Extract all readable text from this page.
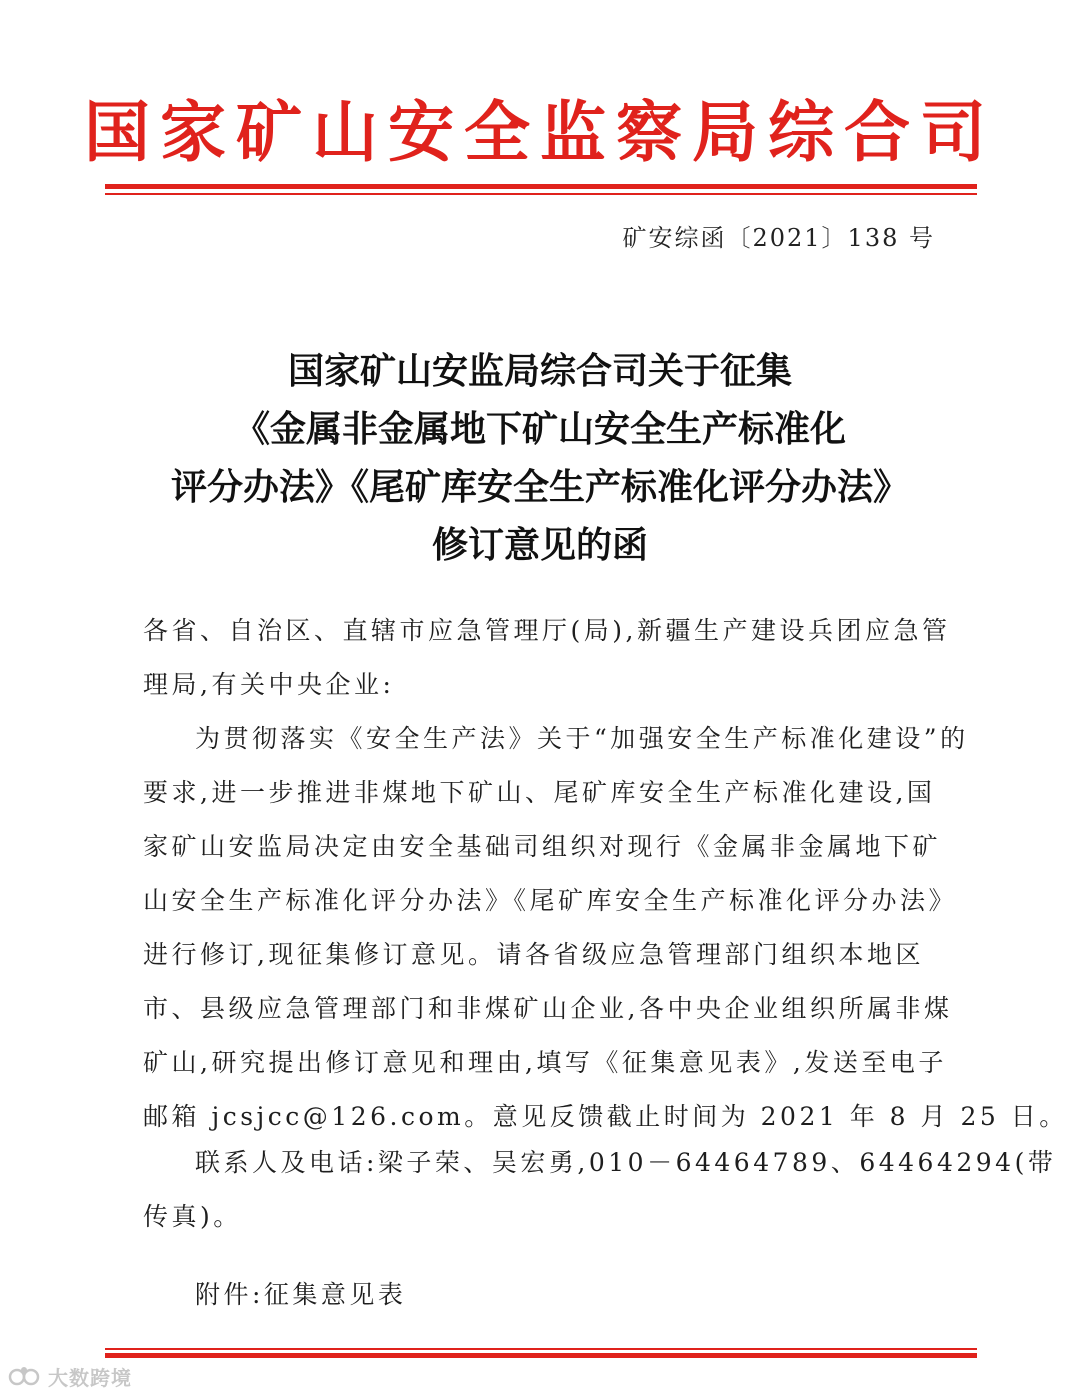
国家矿山安全监察局综合司
矿安综函〔2021〕138 号
国家矿山安监局综合司关于征集
《金属非金属地下矿山安全生产标准化
评分办法》《尾矿库安全生产标准化评分办法》
修订意见的函
各省、自治区、直辖市应急管理厅(局),新疆生产建设兵团应急管
理局,有关中央企业:
为贯彻落实《安全生产法》关于“加强安全生产标准化建设”的
要求,进一步推进非煤地下矿山、尾矿库安全生产标准化建设,国
家矿山安监局决定由安全基础司组织对现行《金属非金属地下矿
山安全生产标准化评分办法》《尾矿库安全生产标准化评分办法》
进行修订,现征集修订意见。请各省级应急管理部门组织本地区
市、县级应急管理部门和非煤矿山企业,各中央企业组织所属非煤
矿山,研究提出修订意见和理由,填写《征集意见表》,发送至电子
邮箱 jcsjcc@126.com。意见反馈截止时间为 2021 年 8 月 25 日。
联系人及电话:梁子荣、吴宏勇,010－64464789、64464294(带
传真)。
附件:征集意见表
大数跨境
